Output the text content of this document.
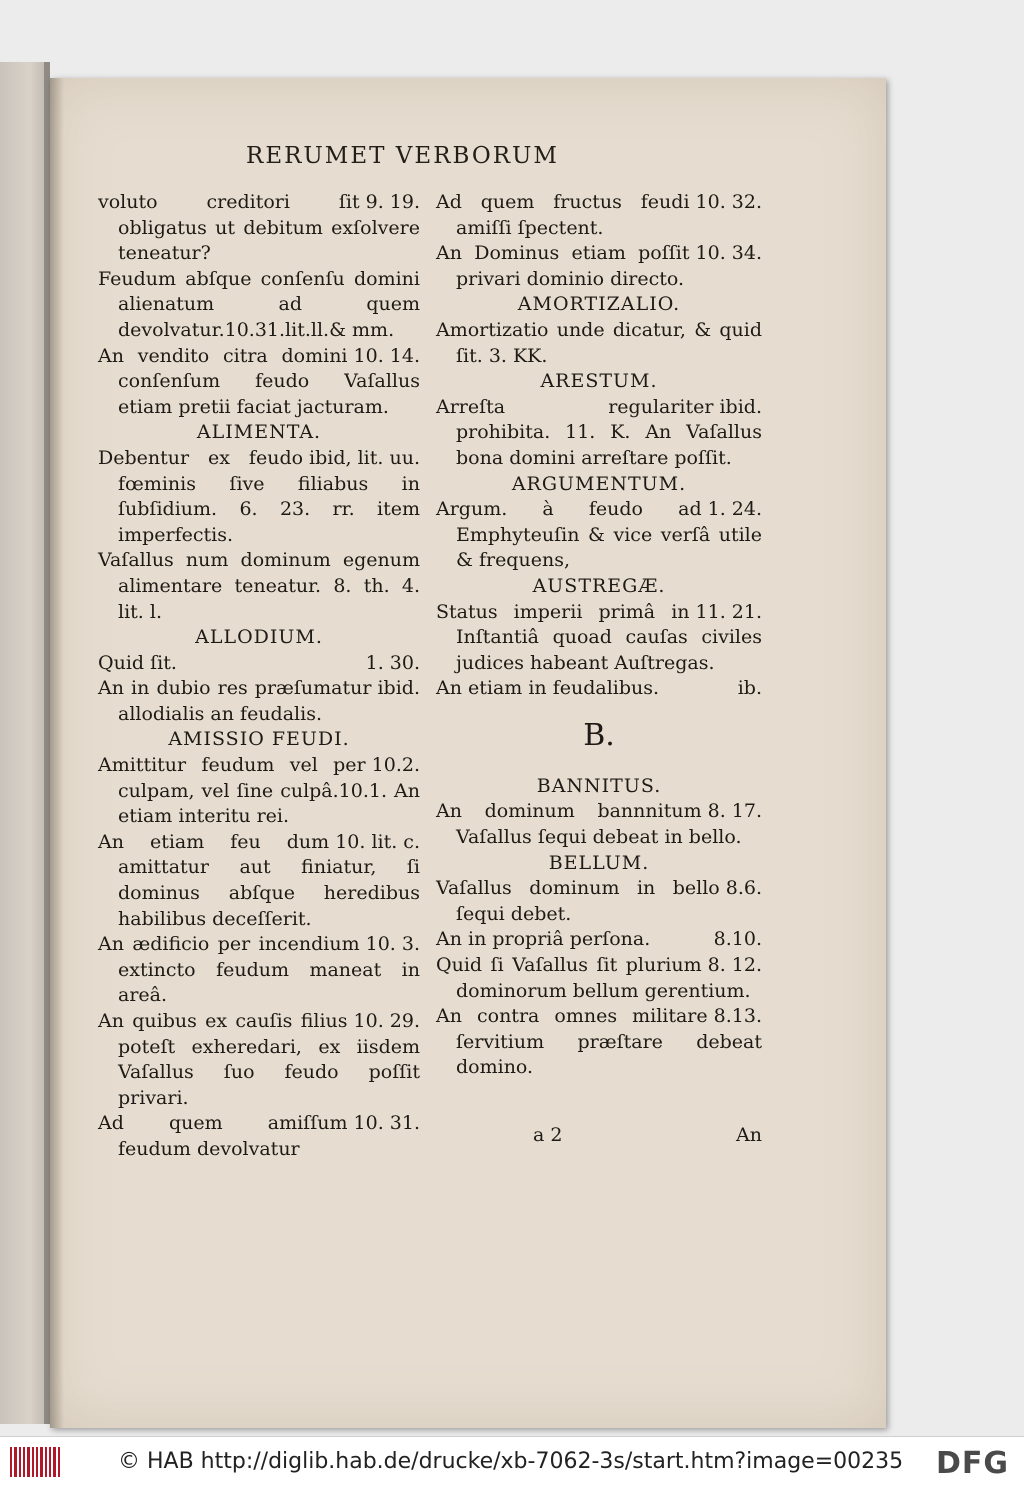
RERUMET VERBORUM
9. 19.
voluto creditori ſit obligatus ut debitum exſolvere teneatur?
Feudum abſque conſenſu domini alienatum ad quem devolvatur.10.31.lit.ll.& mm.
10. 14.
An vendito citra domini conſenſum feudo Vaſallus etiam pretii faciat jacturam.
ALIMENTA.
ibid, lit. uu.
Debentur ex feudo fœminis ſive filiabus in ſubſidium. 6. 23. rr. item imperfectis.
Vaſallus num dominum egenum alimentare teneatur. 8. th. 4. lit. l.
ALLODIUM.
1. 30.
Quid ſit.
ibid.
An in dubio res præſumatur allodialis an feudalis.
AMISSIO FEUDI.
10.2.
Amittitur feudum vel per culpam, vel ſine culpâ.10.1. An etiam interitu rei.
10. lit. c.
An etiam feu dum amittatur aut finiatur, ſi dominus abſque heredibus habilibus deceſſerit.
10. 3.
An ædificio per incendium extincto feudum maneat in areâ.
10. 29.
An quibus ex cauſis filius poteſt exheredari, ex iisdem Vaſallus ſuo feudo poſſit privari.
10. 31.
Ad quem amiſſum feudum devolvatur
10. 32.
Ad quem fructus feudi amiſſi ſpectent.
10. 34.
An Dominus etiam poſſit privari dominio directo.
AMORTIZALIO.
Amortizatio unde dicatur, & quid ſit. 3. KK.
ARESTUM.
ibid.
Arreſta regulariter prohibita. 11. K. An Vaſallus bona domini arreſtare poſſit.
ARGUMENTUM.
1. 24.
Argum. à feudo ad Emphyteuſin & vice verſâ utile & frequens,
AUSTREGÆ.
11. 21.
Status imperii primâ in Inſtantiâ quoad cauſas civiles judices habeant Auſtregas.
ib.
An etiam in feudalibus.
B.
BANNITUS.
8. 17.
An dominum bannnitum Vaſallus ſequi debeat in bello.
BELLUM.
8.6.
Vaſallus dominum in bello ſequi debet.
8.10.
An in propriâ perſona.
8. 12.
Quid ſi Vaſallus ſit plurium dominorum bellum gerentium.
8.13.
An contra omnes militare ſervitium præſtare debeat domino.
a 2	An
© HAB http://diglib.hab.de/drucke/xb-7062-3s/start.htm?image=00235 DFG
